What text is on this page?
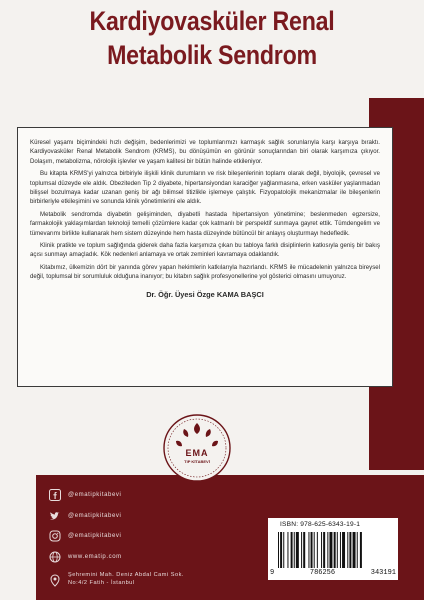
Kardiyovasküler Renal
Metabolik Sendrom

Küresel yaşamı biçimindeki hızlı değişim, bedenlerimizi ve toplumlarımızı karmaşık sağlık sorunlarıyla karşı karşıya bıraktı. Kardiyovasküler Renal Metabolik Sendrom (KRMS), bu dönüşümün en görünür sonuçlarından biri olarak karşımıza çıkıyor. Dolaşım, metabolizma, nörolojik işlevler ve yaşam kalitesi bir bütün halinde etkileniyor.

Bu kitapta KRMS'yi yalnızca birbiriyle ilişkili klinik durumların ve risk bileşenlerinin toplamı olarak değil, biyolojik, çevresel ve toplumsal düzeyde ele aldık. Obeziteden Tip 2 diyabete, hipertansiyondan karaciğer yağlanmasına, erken vasküler yaşlanmadan bilişsel bozulmaya kadar uzanan geniş bir ağı bilimsel titizlikle işlemeye çalıştık. Fizyopatolojik mekanizmalar ile bileşenlerin birbirleriyle etkileşimini ve sonunda klinik yönetimlerini ele aldık.

Metabolik sendromda diyabetin gelişiminden, diyabetli hastada hipertansiyon yönetimine; beslenmeden egzersize, farmakolojik yaklaşımlardan teknoloji temelli çözümlere kadar çok katmanlı bir perspektif sunmaya gayret ettik. Tümdengelim ve tümevarımı birlikte kullanarak hem sistem düzeyinde hem hasta düzeyinde bütüncül bir anlayış oluşturmayı hedefledik.

Klinik pratikte ve toplum sağlığında giderek daha fazla karşımıza çıkan bu tabloya farklı disiplinlerin katkısıyla geniş bir bakış açısı sunmayı amaçladık. Kök nedenleri anlamaya ve ortak zeminleri kavramaya odaklandık.

Kitabımız, ülkemizin dört bir yanında görev yapan hekimlerin katkılarıyla hazırlandı. KRMS ile mücadelenin yalnızca bireysel değil, toplumsal bir sorumluluk olduğuna inanıyor; bu kitabın sağlık profesyonellerine yol gösterici olmasını umuyoruz.

Dr. Öğr. Üyesi Özge KAMA BAŞCI
EMA
TIP KİTABEVİ
@ematipkitabevi
@ematipkitabevi
@ematipkitabevi
www.ematip.com
Şehremini Mah. Deniz Abdal Cami Sok.
No:4/2 Fatih - İstanbul
ISBN: 978-625-6343-19-1
9	786256	343191
